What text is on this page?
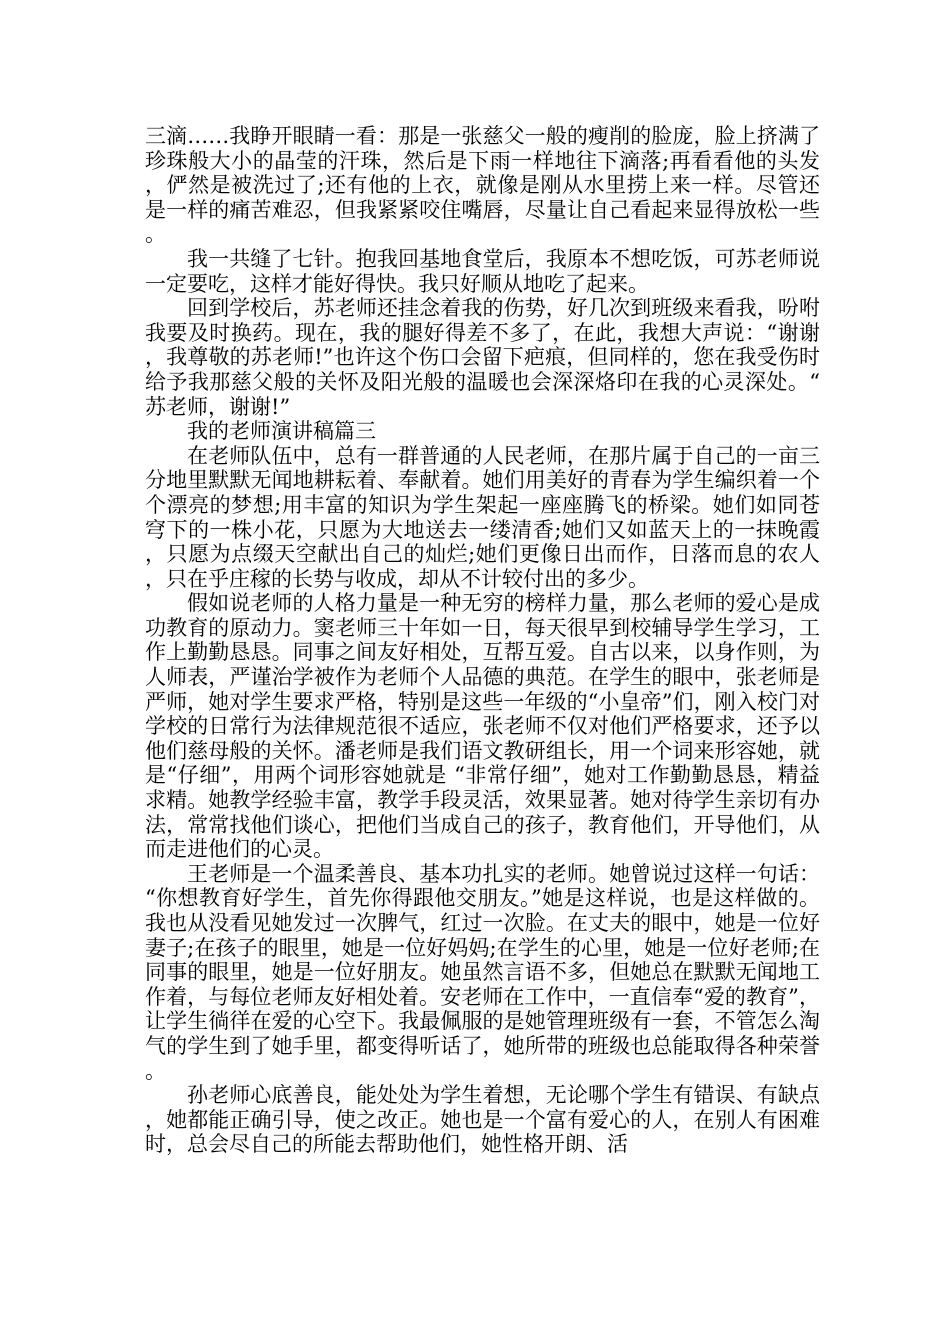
三滴……我睁开眼睛一看：那是一张慈父一般的瘦削的脸庞，脸上挤满了珍珠般大小的晶莹的汗珠，然后是下雨一样地往下滴落;再看看他的头发，俨然是被洗过了;还有他的上衣，就像是刚从水里捞上来一样。尽管还是一样的痛苦难忍，但我紧紧咬住嘴唇，尽量让自己看起来显得放松一些。

我一共缝了七针。抱我回基地食堂后，我原本不想吃饭，可苏老师说一定要吃，这样才能好得快。我只好顺从地吃了起来。

回到学校后，苏老师还挂念着我的伤势，好几次到班级来看我，吩咐我要及时换药。现在，我的腿好得差不多了，在此，我想大声说：“谢谢，我尊敬的苏老师!”也许这个伤口会留下疤痕，但同样的，您在我受伤时给予我那慈父般的关怀及阳光般的温暖也会深深烙印在我的心灵深处。“苏老师，谢谢!”

我的老师演讲稿篇三

在老师队伍中，总有一群普通的人民老师，在那片属于自己的一亩三分地里默默无闻地耕耘着、奉献着。她们用美好的青春为学生编织着一个个漂亮的梦想;用丰富的知识为学生架起一座座腾飞的桥梁。她们如同苍穹下的一株小花，只愿为大地送去一缕清香;她们又如蓝天上的一抹晚霞，只愿为点缀天空献出自己的灿烂;她们更像日出而作，日落而息的农人，只在乎庄稼的长势与收成，却从不计较付出的多少。

假如说老师的人格力量是一种无穷的榜样力量，那么老师的爱心是成功教育的原动力。窦老师三十年如一日，每天很早到校辅导学生学习，工作上勤勤恳恳。同事之间友好相处，互帮互爱。自古以来，以身作则，为人师表，严谨治学被作为老师个人品德的典范。在学生的眼中，张老师是严师，她对学生要求严格，特别是这些一年级的“小皇帝”们，刚入校门对学校的日常行为法律规范很不适应，张老师不仅对他们严格要求，还予以他们慈母般的关怀。潘老师是我们语文教研组长，用一个词来形容她，就是“仔细”，用两个词形容她就是 “非常仔细”，她对工作勤勤恳恳，精益求精。她教学经验丰富，教学手段灵活，效果显著。她对待学生亲切有办法，常常找他们谈心，把他们当成自己的孩子，教育他们，开导他们，从而走进他们的心灵。

王老师是一个温柔善良、基本功扎实的老师。她曾说过这样一句话：“你想教育好学生，首先你得跟他交朋友。”她是这样说，也是这样做的。我也从没看见她发过一次脾气，红过一次脸。在丈夫的眼中，她是一位好妻子;在孩子的眼里，她是一位好妈妈;在学生的心里，她是一位好老师;在同事的眼里，她是一位好朋友。她虽然言语不多，但她总在默默无闻地工作着，与每位老师友好相处着。安老师在工作中，一直信奉“爱的教育”，让学生徜徉在爱的心空下。我最佩服的是她管理班级有一套，不管怎么淘气的学生到了她手里，都变得听话了，她所带的班级也总能取得各种荣誉。

孙老师心底善良，能处处为学生着想，无论哪个学生有错误、有缺点，她都能正确引导，使之改正。她也是一个富有爱心的人，在别人有困难时，总会尽自己的所能去帮助他们，她性格开朗、活
